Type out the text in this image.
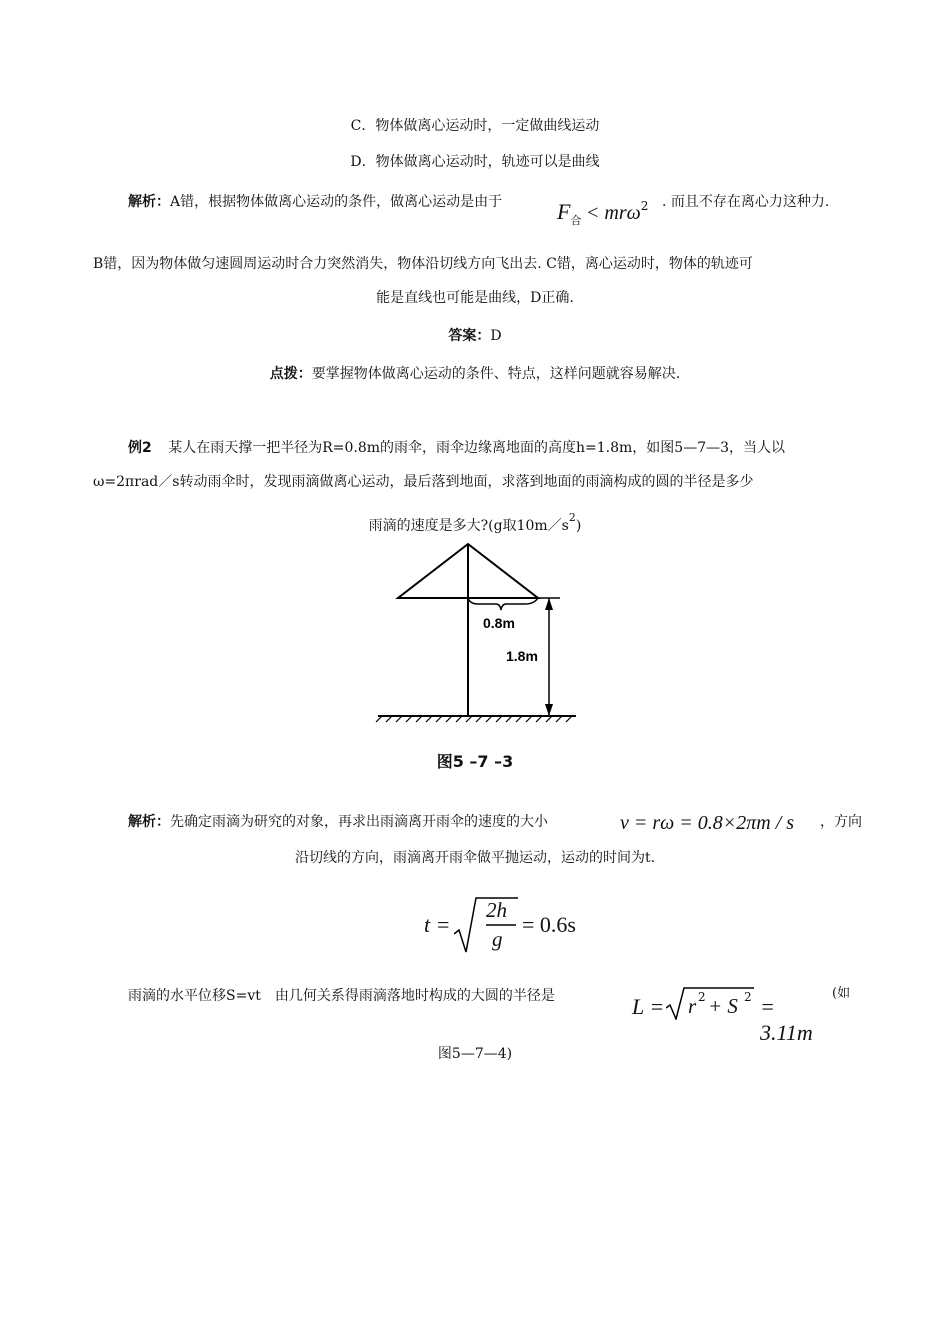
C．物体做离心运动时，一定做曲线运动
D．物体做离心运动时，轨迹可以是曲线
解析：A错，根据物体做离心运动的条件，做离心运动是由于 $F_合 < mr\omega 2$ . 而且不存在离心力这种力.
B错，因为物体做匀速圆周运动时合力突然消失，物体沿切线方向飞出去. C错，离心运动时，物体的轨迹可
能是直线也可能是曲线，D正确.
答案：D
点拨：要掌握物体做离心运动的条件、特点，这样问题就容易解决.
例2 某人在雨天撑一把半径为R=0.8m的雨伞，雨伞边缘离地面的高度h=1.8m，如图5—7—3，当人以
ω=2πrad／s转动雨伞时，发现雨滴做离心运动，最后落到地面，求落到地面的雨滴构成的圆的半径是多少
雨滴的速度是多大?(g取$10m/s^2$)
0.8m
1.8m
图5 –7 –3
解析：先确定雨滴为研究的对象，再求出雨滴离开雨伞的速度的大小	v = rω = 0.8×2πm / s ，方向
沿切线的方向，雨滴离开雨伞做平抛运动，运动的时间为t.
t =
2h
g
= 0.6s
雨滴的水平位移S=vt　由几何关系得雨滴落地时构成的大圆的半径是	L = r 2 + S 2 = 3.11m
(如
图5—7—4)
